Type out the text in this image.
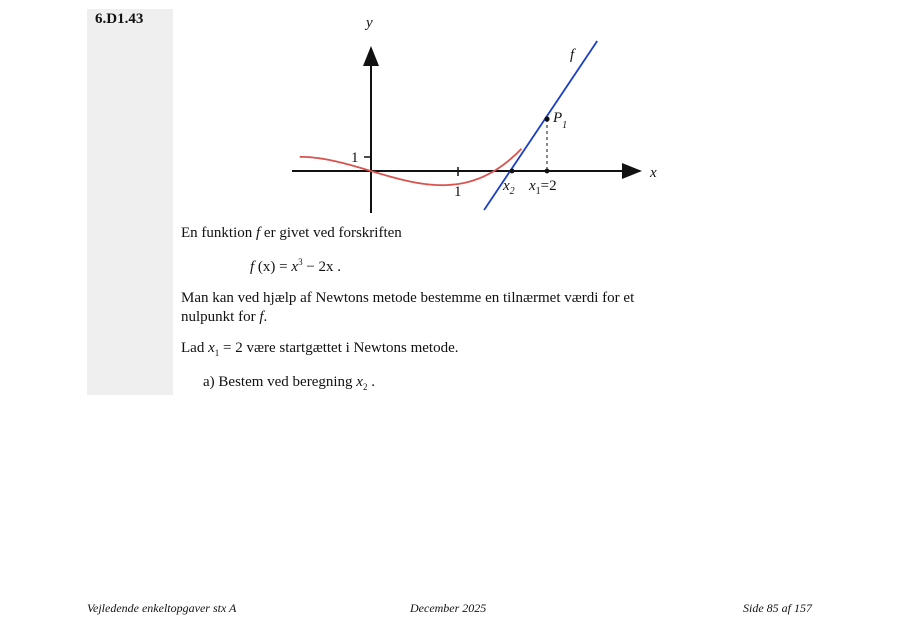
6.D1.43	y
x
1
1
f
$P_1$
$x_2$ $x_1=2$

En funktion f er givet ved forskriften

f $(x) = x^3 - 2x$ .

Man kan ved hjælp af Newtons metode bestemme en tilnærmet værdi for et
nulpunkt for f.

Lad $x_1 = 2$ være startgættet i Newtons metode.

a) Bestem ved beregning $x_2$ .

Vejledende enkeltopgaver stx A	December 2025	Side 85 af 157
